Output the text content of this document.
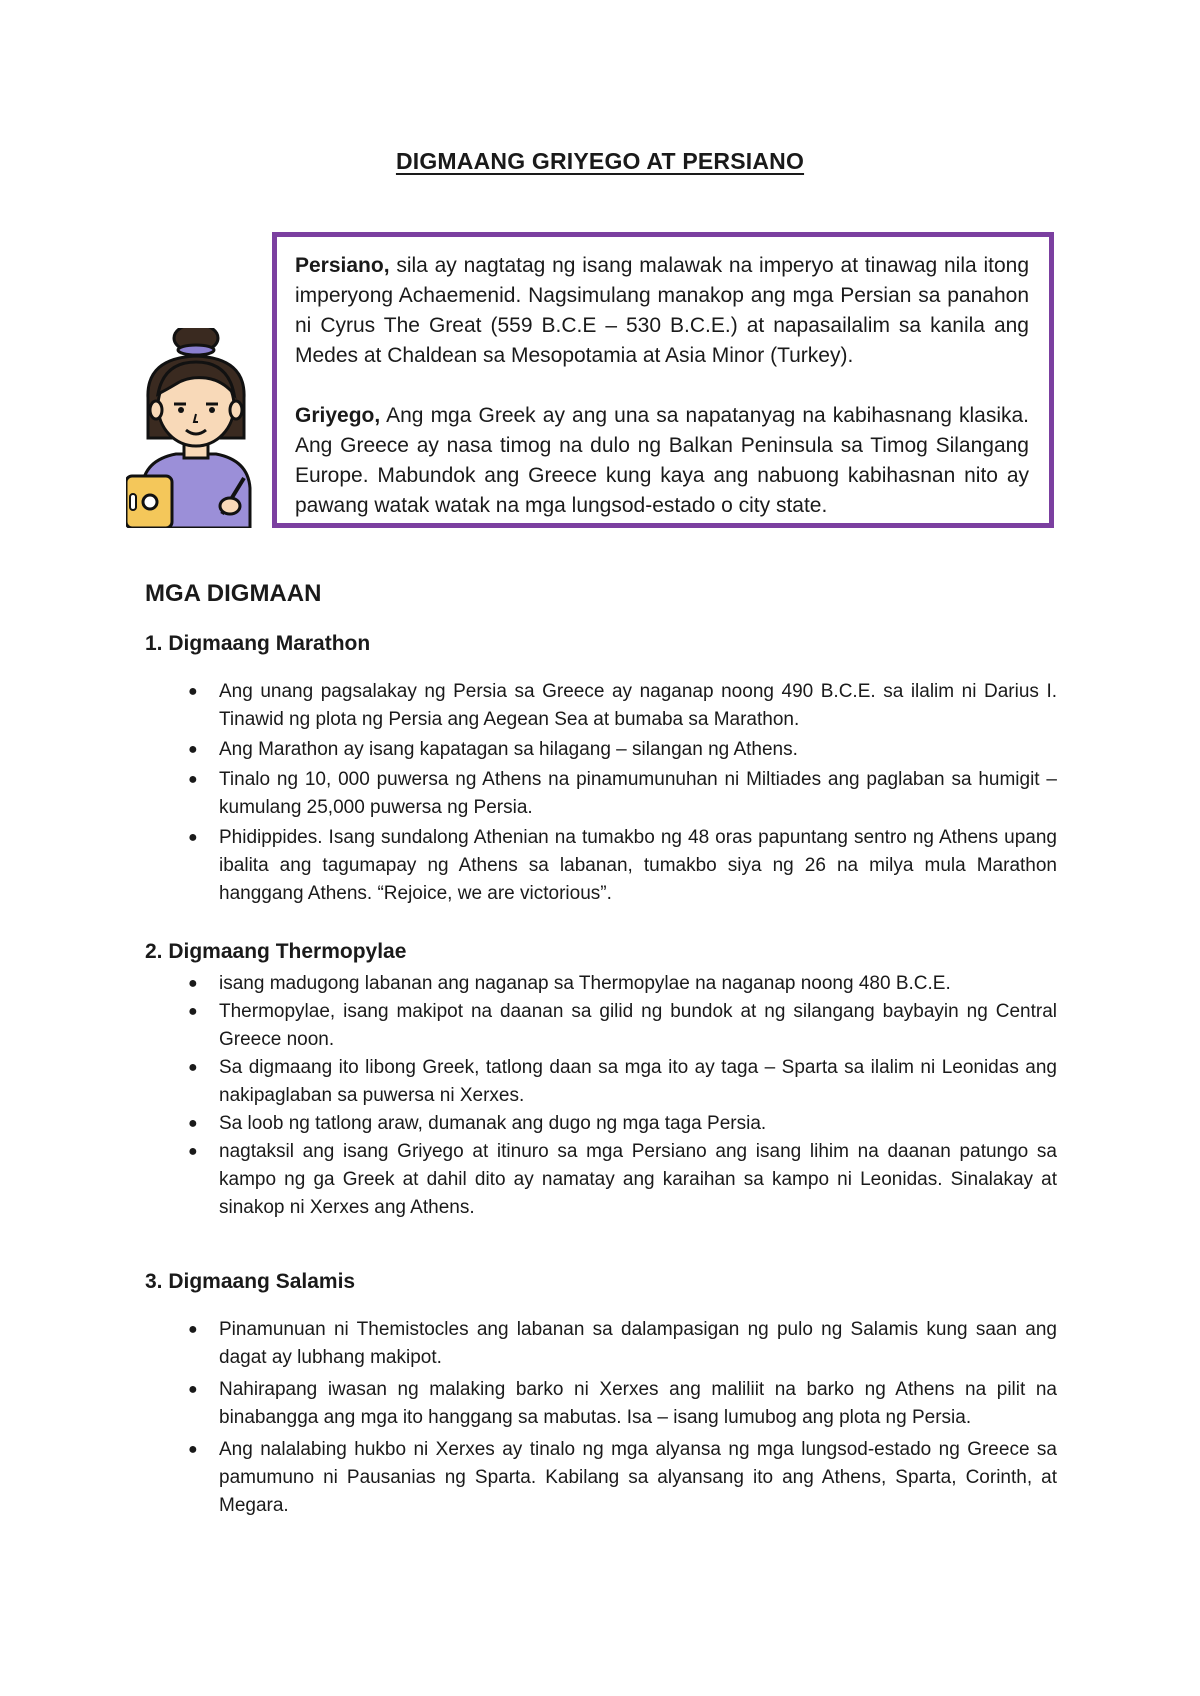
DIGMAANG GRIYEGO AT PERSIANO

Persiano, sila ay nagtatag ng isang malawak na imperyo at tinawag nila itong imperyong Achaemenid. Nagsimulang manakop ang mga Persian sa panahon ni Cyrus The Great (559 B.C.E – 530 B.C.E.) at napasailalim sa kanila ang Medes at Chaldean sa Mesopotamia at Asia Minor (Turkey).

Griyego, Ang mga Greek ay ang una sa napatanyag na kabihasnang klasika. Ang Greece ay nasa timog na dulo ng Balkan Peninsula sa Timog Silangang Europe. Mabundok ang Greece kung kaya ang nabuong kabihasnan nito ay pawang watak watak na mga lungsod-estado o city state.

MGA DIGMAAN

1. Digmaang Marathon

● Ang unang pagsalakay ng Persia sa Greece ay naganap noong 490 B.C.E. sa ilalim ni Darius I. Tinawid ng plota ng Persia ang Aegean Sea at bumaba sa Marathon.
● Ang Marathon ay isang kapatagan sa hilagang – silangan ng Athens.
● Tinalo ng 10, 000 puwersa ng Athens na pinamumunuhan ni Miltiades ang paglaban sa humigit – kumulang 25,000 puwersa ng Persia.
● Phidippides. Isang sundalong Athenian na tumakbo ng 48 oras papuntang sentro ng Athens upang ibalita ang tagumapay ng Athens sa labanan, tumakbo siya ng 26 na milya mula Marathon hanggang Athens. “Rejoice, we are victorious”.

2. Digmaang Thermopylae

● isang madugong labanan ang naganap sa Thermopylae na naganap noong 480 B.C.E.
● Thermopylae, isang makipot na daanan sa gilid ng bundok at ng silangang baybayin ng Central Greece noon.
● Sa digmaang ito libong Greek, tatlong daan sa mga ito ay taga – Sparta sa ilalim ni Leonidas ang nakipaglaban sa puwersa ni Xerxes.
● Sa loob ng tatlong araw, dumanak ang dugo ng mga taga Persia.
● nagtaksil ang isang Griyego at itinuro sa mga Persiano ang isang lihim na daanan patungo sa kampo ng ga Greek at dahil dito ay namatay ang karaihan sa kampo ni Leonidas. Sinalakay at sinakop ni Xerxes ang Athens.

3. Digmaang Salamis

● Pinamunuan ni Themistocles ang labanan sa dalampasigan ng pulo ng Salamis kung saan ang dagat ay lubhang makipot.
● Nahirapang iwasan ng malaking barko ni Xerxes ang maliliit na barko ng Athens na pilit na binabangga ang mga ito hanggang sa mabutas. Isa – isang lumubog ang plota ng Persia.
● Ang nalalabing hukbo ni Xerxes ay tinalo ng mga alyansa ng mga lungsod-estado ng Greece sa pamumuno ni Pausanias ng Sparta. Kabilang sa alyansang ito ang Athens, Sparta, Corinth, at Megara.
